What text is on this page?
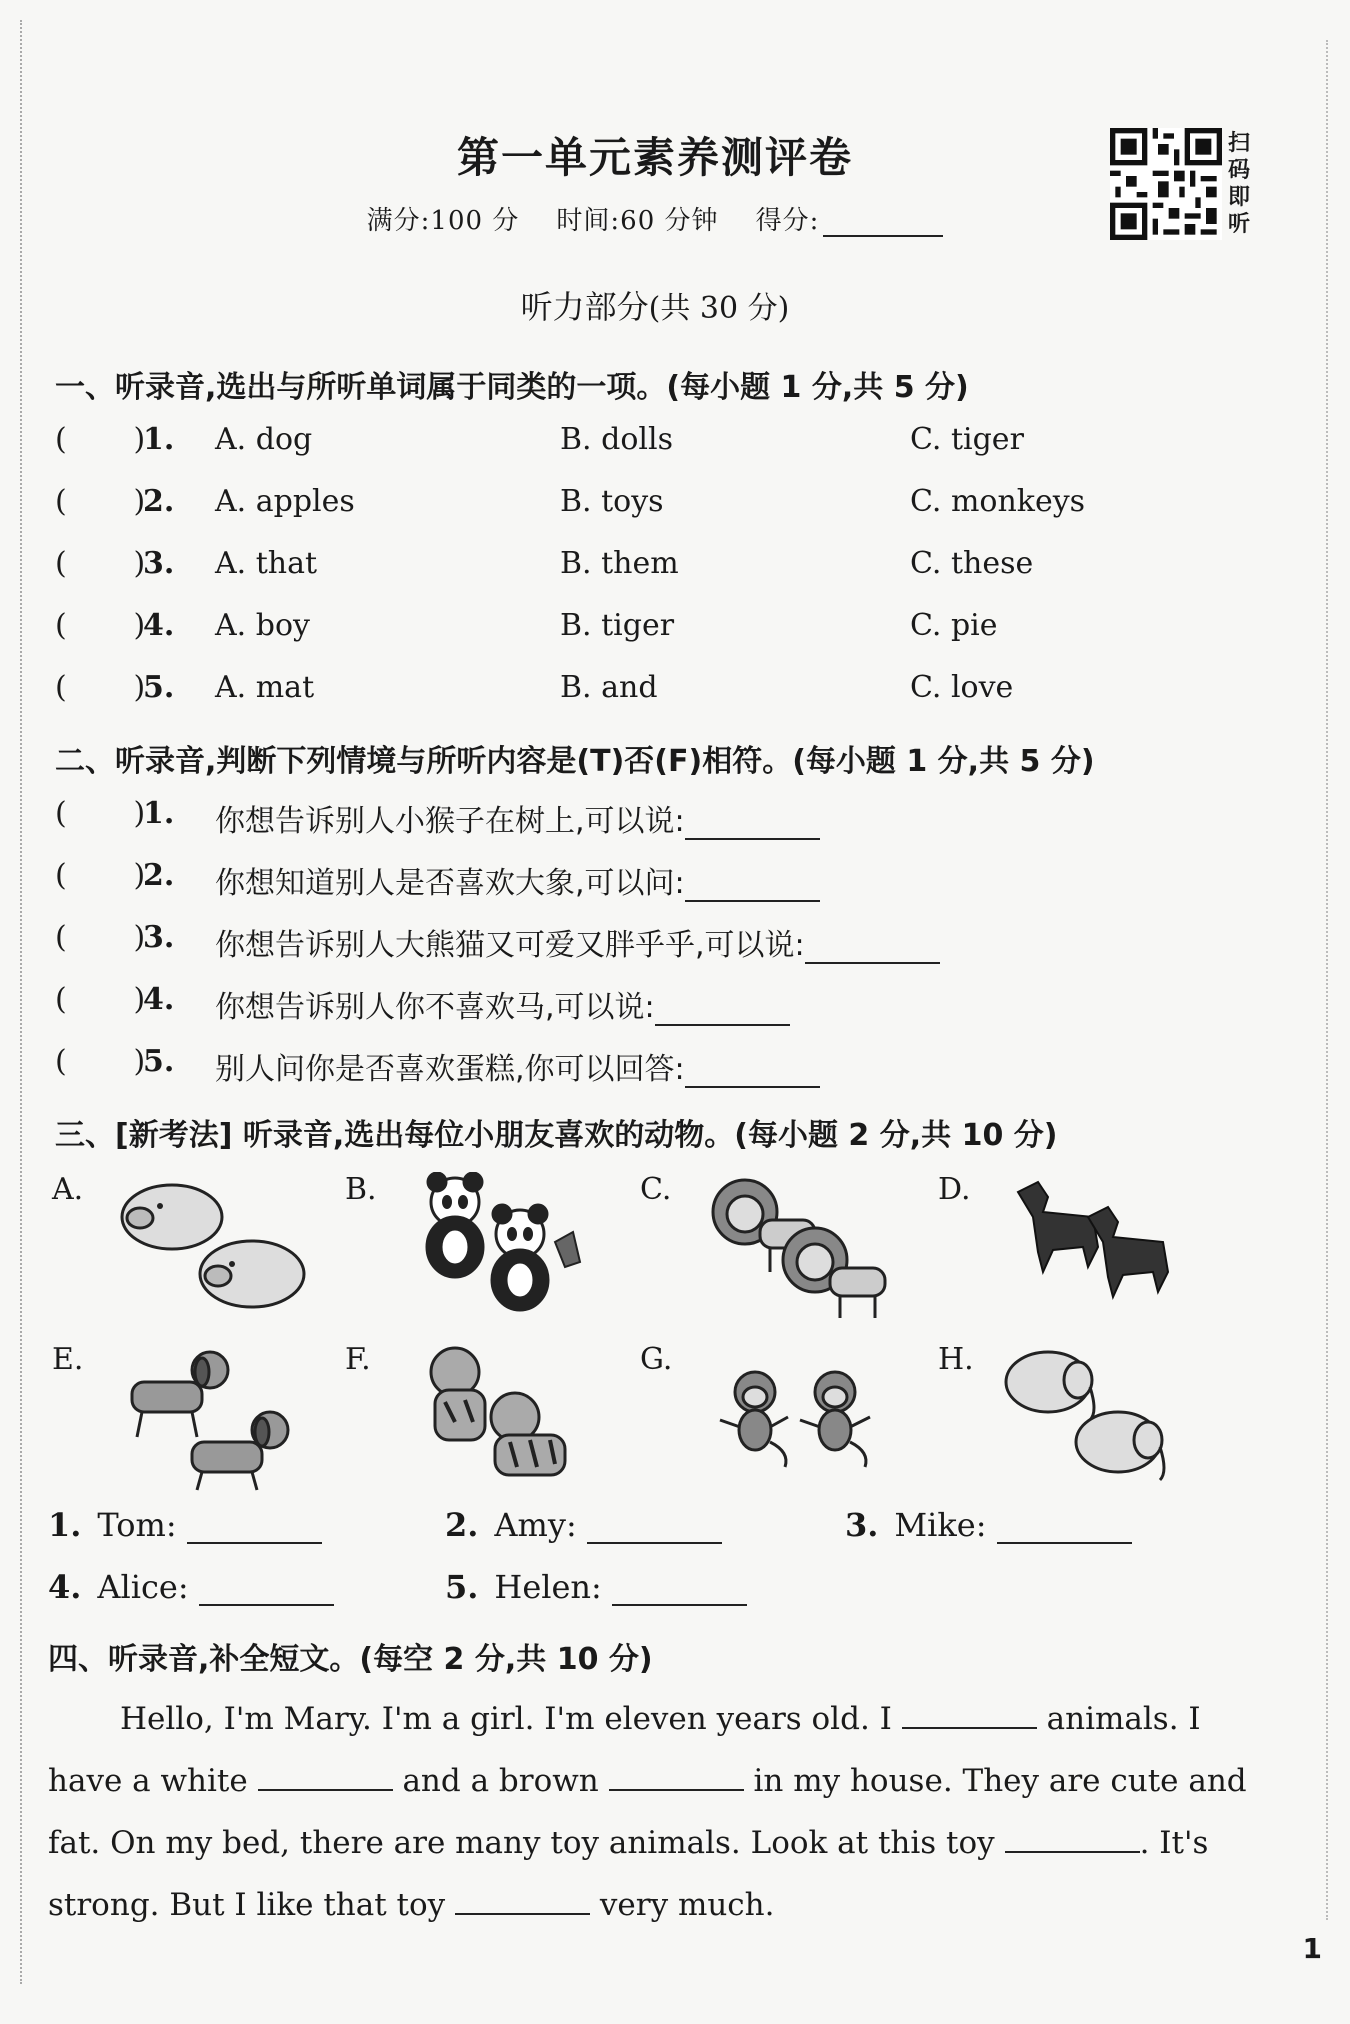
第一单元素养测评卷
满分:100 分 时间:60 分钟 得分:
扫码即听
听力部分(共 30 分)
一、听录音,选出与所听单词属于同类的一项。(每小题 1 分,共 5 分)
(       )
1. A. dog	B. dolls	C. tiger
(       )
2. A. apples	B. toys	C. monkeys
(       )
3. A. that	B. them	C. these
(       )
4. A. boy	B. tiger	C. pie
(       )
5. A. mat	B. and	C. love
二、听录音,判断下列情境与所听内容是(T)否(F)相符。(每小题 1 分,共 5 分)
(       )
1. 你想告诉别人小猴子在树上,可以说:
(       )
2. 你想知道别人是否喜欢大象,可以问:
(       )
3. 你想告诉别人大熊猫又可爱又胖乎乎,可以说:
(       )
4. 你想告诉别人你不喜欢马,可以说:
(       )
5. 别人问你是否喜欢蛋糕,你可以回答:
三、[新考法] 听录音,选出每位小朋友喜欢的动物。(每小题 2 分,共 10 分)
A.	B.	C.	D.
E.	F.	G.	H.
1. Tom:	2. Amy:	3. Mike:
4. Alice:	5. Helen:
四、听录音,补全短文。(每空 2 分,共 10 分)
Hello, I'm Mary. I'm a girl. I'm eleven years old. I	animals. I have a white	and a brown	in my house. They are cute and fat. On my bed, there are many toy animals. Look at this toy	. It's strong. But I like that toy	very much.
1
